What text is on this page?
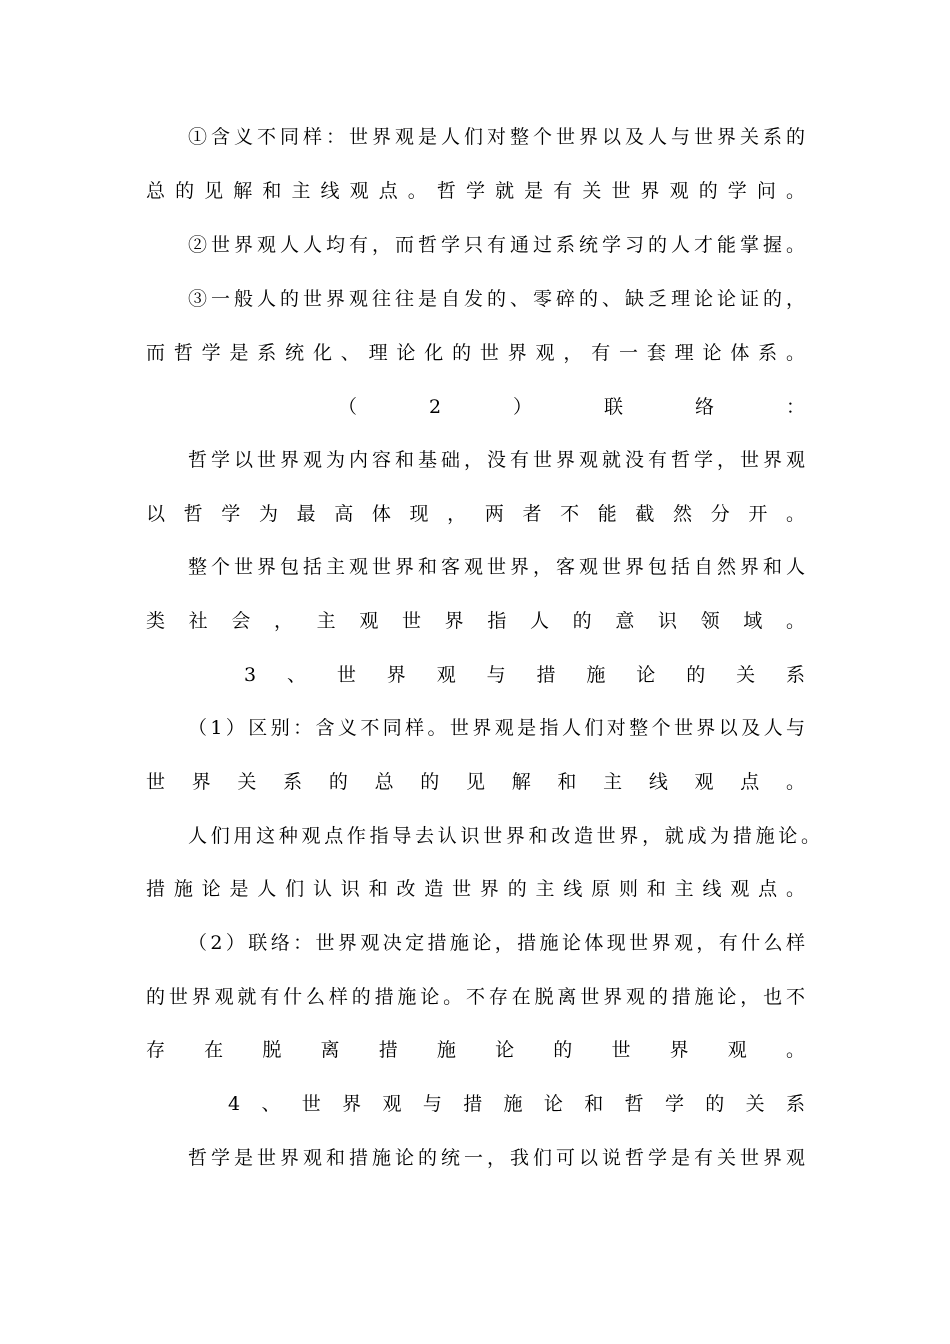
①含义不同样：世界观是人们对整个世界以及人与世界关系的
总的见解和主线观点。哲学就是有关世界观的学问。
②世界观人人均有，而哲学只有通过系统学习的人才能掌握。
③一般人的世界观往往是自发的、零碎的、缺乏理论论证的，
而哲学是系统化、理论化的世界观，有一套理论体系。
（2）联络：
哲学以世界观为内容和基础，没有世界观就没有哲学，世界观
以哲学为最高体现，两者不能截然分开。
整个世界包括主观世界和客观世界，客观世界包括自然界和人
类社会，主观世界指人的意识领域。
3、世界观与措施论的关系
（1）区别：含义不同样。世界观是指人们对整个世界以及人与
世界关系的总的见解和主线观点。
人们用这种观点作指导去认识世界和改造世界，就成为措施论。
措施论是人们认识和改造世界的主线原则和主线观点。
（2）联络：世界观决定措施论，措施论体现世界观，有什么样
的世界观就有什么样的措施论。不存在脱离世界观的措施论，也不
存在脱离措施论的世界观。
4、世界观与措施论和哲学的关系
哲学是世界观和措施论的统一，我们可以说哲学是有关世界观
